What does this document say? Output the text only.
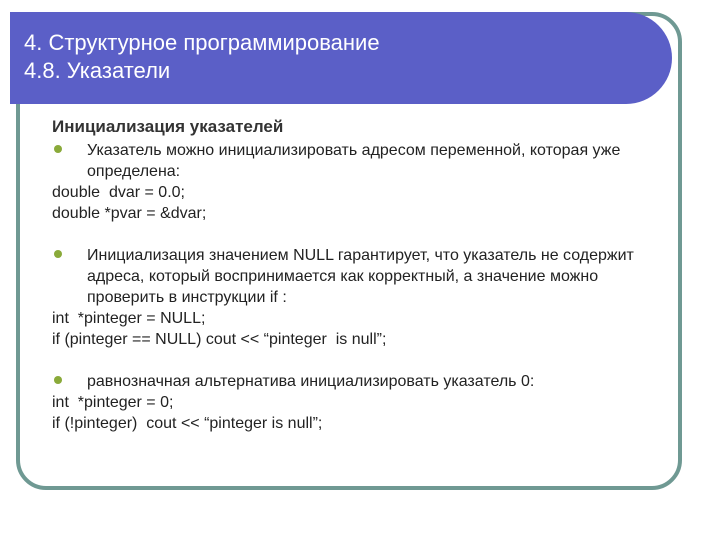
4. Структурное программирование
4.8. Указатели
Инициализация указателей
Указатель можно инициализировать адресом переменной, которая уже определена:
double  dvar = 0.0;
double *pvar = &dvar;
Инициализация значением NULL гарантирует, что указатель не содержит адреса, который воспринимается как корректный, а значение можно проверить в инструкции if :
int  *pinteger = NULL;
if (pinteger == NULL) cout << “pinteger  is null”;
равнозначная альтернатива инициализировать указатель 0:
int  *pinteger = 0;
if (!pinteger)  cout << “pinteger is null”;
